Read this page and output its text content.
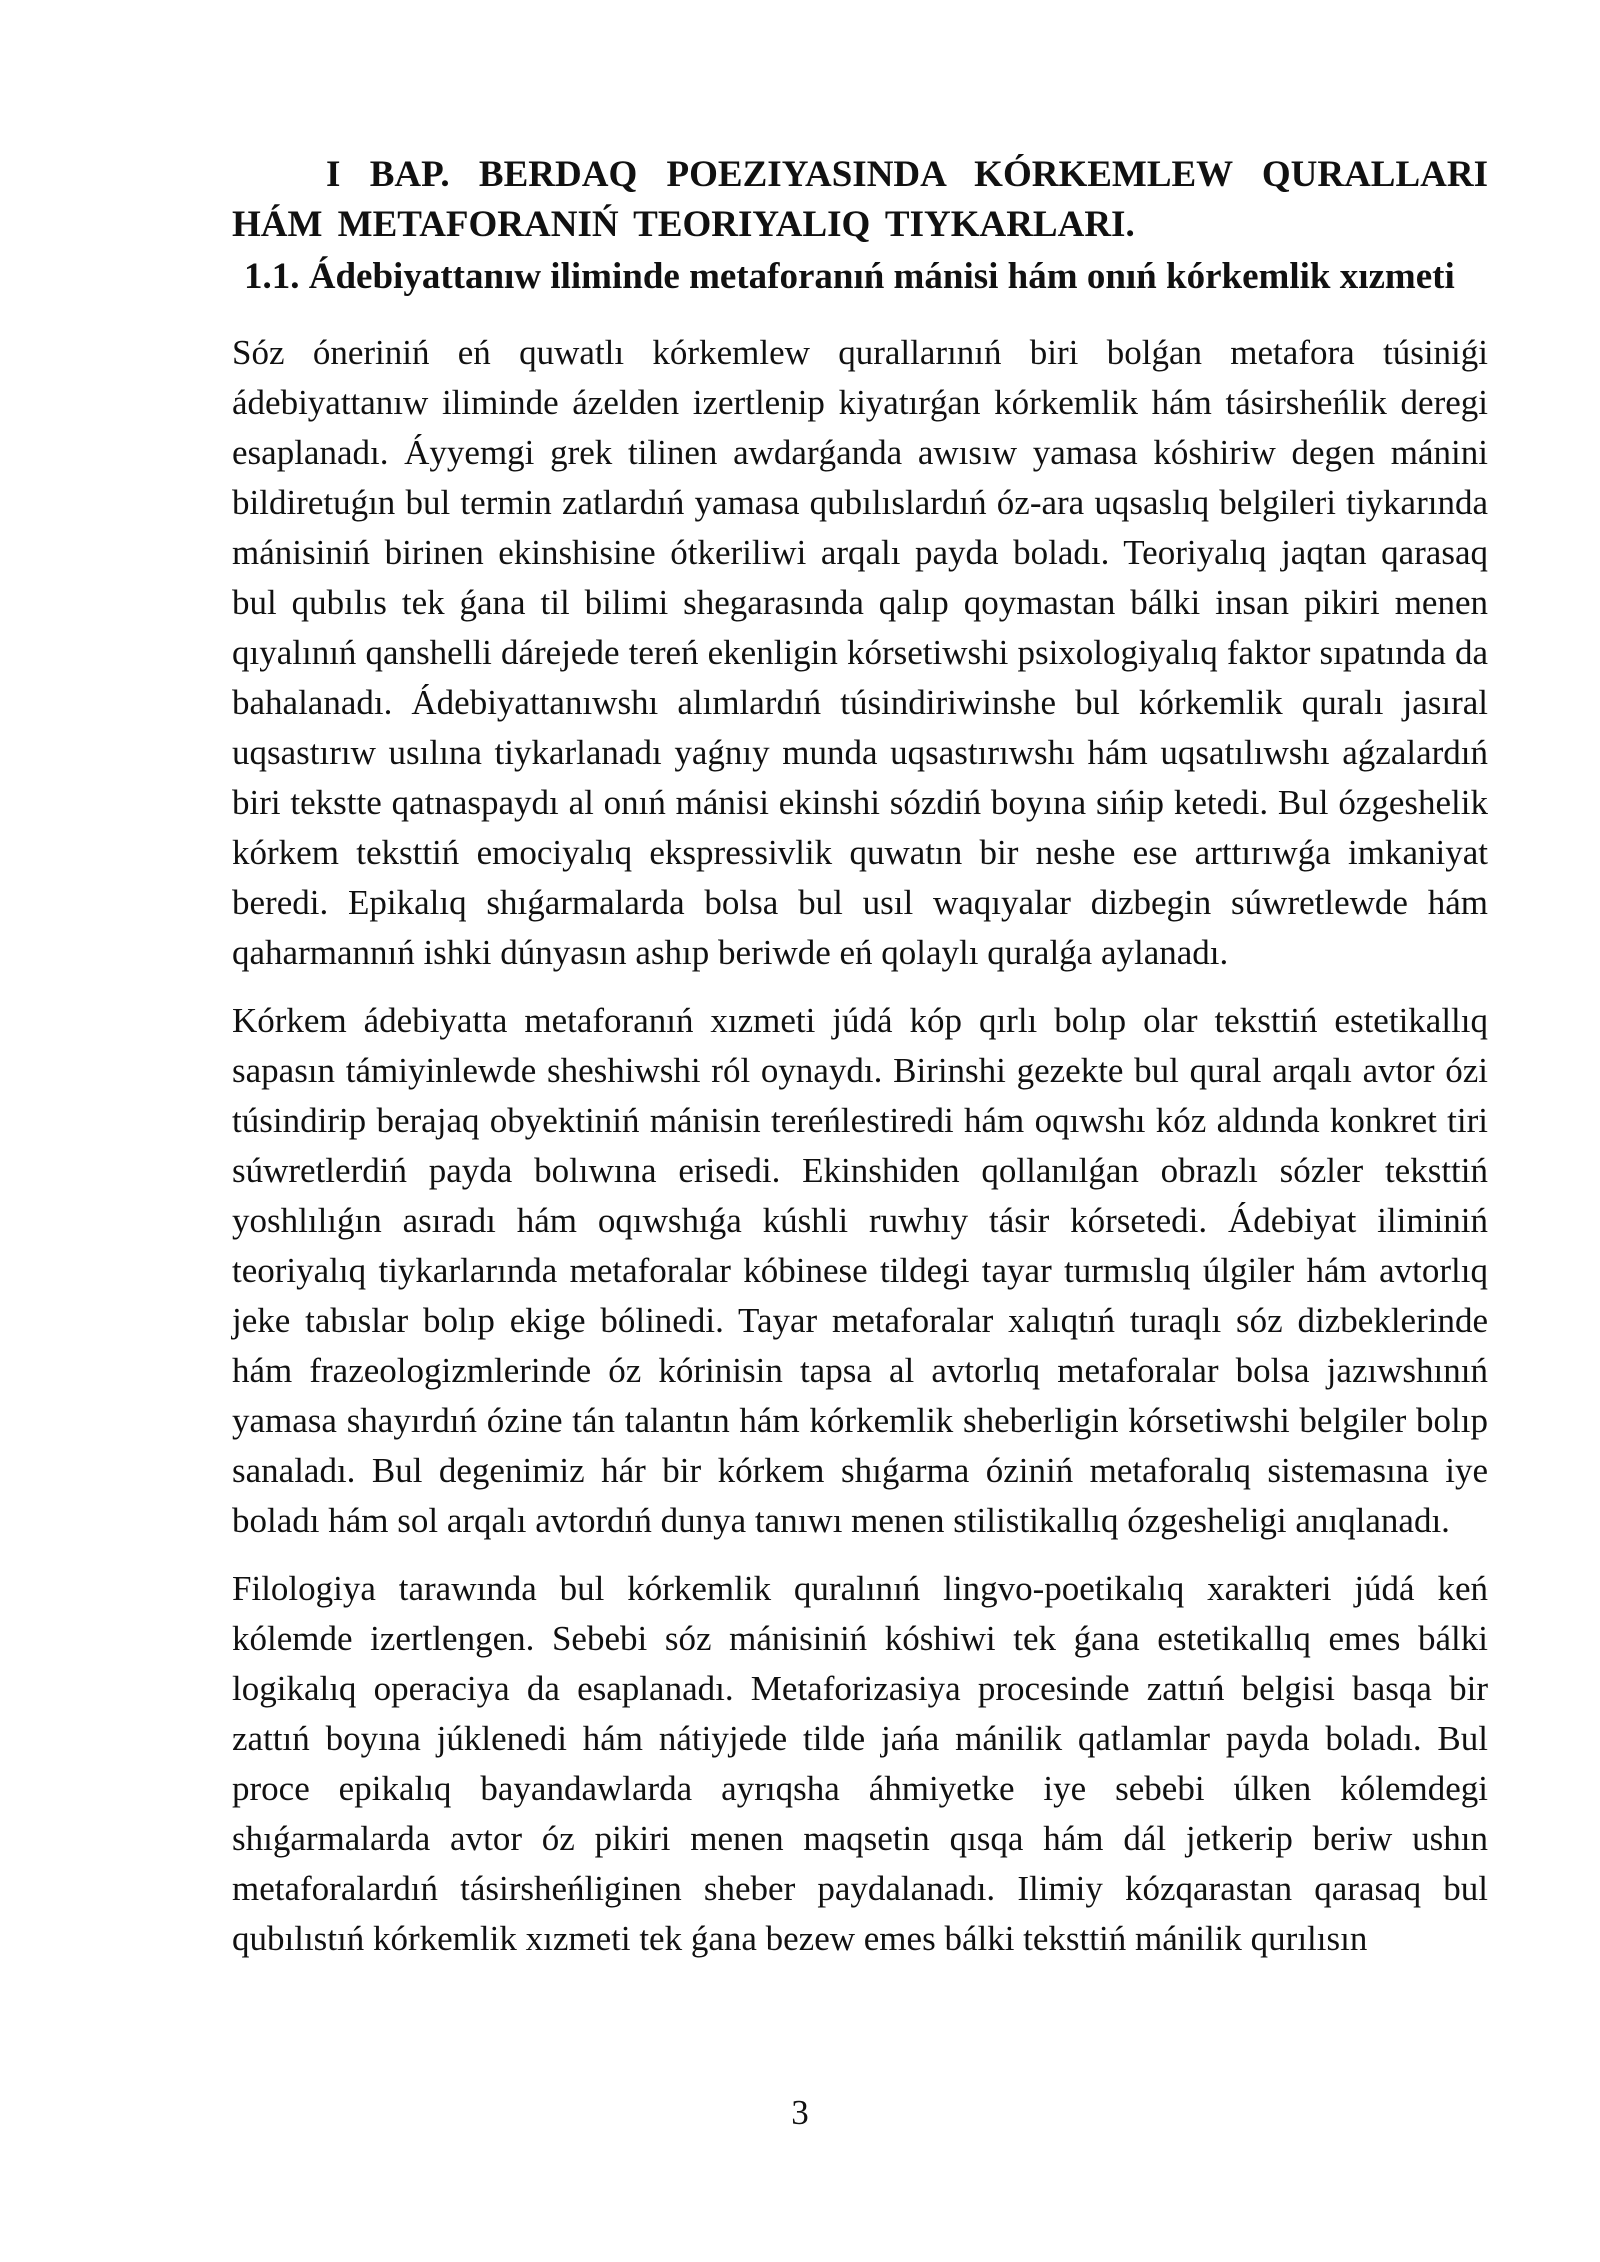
I BAP. BERDAQ POEZIYASINDA KÓRKEMLEW QURALLARI HÁM METAFORANIŃ TEORIYALIQ TIYKARLARI.
1.1. Ádebiyattanıw iliminde metaforanıń mánisi hám onıń kórkemlik xızmeti

Sóz óneriniń eń quwatlı kórkemlew qurallarınıń biri bolǵan metafora túsiniǵi ádebiyattanıw iliminde ázelden izertlenip kiyatırǵan kórkemlik hám tásirsheńlik deregi esaplanadı. Áyyemgi grek tilinen awdarǵanda awısıw yamasa kóshiriw degen mánini bildiretuǵın bul termin zatlardıń yamasa qubılıslardıń óz-ara uqsaslıq belgileri tiykarında mánisiniń birinen ekinshisine ótkeriliwi arqalı payda boladı. Teoriyalıq jaqtan qarasaq bul qubılıs tek ǵana til bilimi shegarasında qalıp qoymastan bálki insan pikiri menen qıyalınıń qanshelli dárejede tereń ekenligin kórsetiwshi psixologiyalıq faktor sıpatında da bahalanadı. Ádebiyattanıwshı alımlardıń túsindiriwinshe bul kórkemlik quralı jasıral uqsastırıw usılına tiykarlanadı yaǵnıy munda uqsastırıwshı hám uqsatılıwshı aǵzalardıń biri tekstte qatnaspaydı al onıń mánisi ekinshi sózdiń boyına sińip ketedi. Bul ózgeshelik kórkem teksttiń emociyalıq ekspressivlik quwatın bir neshe ese arttırıwǵa imkaniyat beredi. Epikalıq shıǵarmalarda bolsa bul usıl waqıyalar dizbegin súwretlewde hám qaharmannıń ishki dúnyasın ashıp beriwde eń qolaylı quralǵa aylanadı.

Kórkem ádebiyatta metaforanıń xızmeti júdá kóp qırlı bolıp olar teksttiń estetikallıq sapasın támiyinlewde sheshiwshi ról oynaydı. Birinshi gezekte bul qural arqalı avtor ózi túsindirip berajaq obyektiniń mánisin tereńlestiredi hám oqıwshı kóz aldında konkret tiri súwretlerdiń payda bolıwına erisedi. Ekinshiden qollanılǵan obrazlı sózler teksttiń yoshlılıǵın asıradı hám oqıwshıǵa kúshli ruwhıy tásir kórsetedi. Ádebiyat iliminiń teoriyalıq tiykarlarında metaforalar kóbinese tildegi tayar turmıslıq úlgiler hám avtorlıq jeke tabıslar bolıp ekige bólinedi. Tayar metaforalar xalıqtıń turaqlı sóz dizbeklerinde hám frazeologizmlerinde óz kórinisin tapsa al avtorlıq metaforalar bolsa jazıwshınıń yamasa shayırdıń ózine tán talantın hám kórkemlik sheberligin kórsetiwshi belgiler bolıp sanaladı. Bul degenimiz hár bir kórkem shıǵarma óziniń metaforalıq sistemasına iye boladı hám sol arqalı avtordıń dunya tanıwı menen stilistikallıq ózgesheligi anıqlanadı.

Filologiya tarawında bul kórkemlik quralınıń lingvo-poetikalıq xarakteri júdá keń kólemde izertlengen. Sebebi sóz mánisiniń kóshiwi tek ǵana estetikallıq emes bálki logikalıq operaciya da esaplanadı. Metaforizasiya procesinde zattıń belgisi basqa bir zattıń boyına júklenedi hám nátiyjede tilde jańa mánilik qatlamlar payda boladı. Bul proce epikalıq bayandawlarda ayrıqsha áhmiyetke iye sebebi úlken kólemdegi shıǵarmalarda avtor óz pikiri menen maqsetin qısqa hám dál jetkerip beriw ushın metaforalardıń tásirsheńliginen sheber paydalanadı. Ilimiy kózqarastan qarasaq bul qubılıstıń kórkemlik xızmeti tek ǵana bezew emes bálki teksttiń mánilik qurılısın

3
